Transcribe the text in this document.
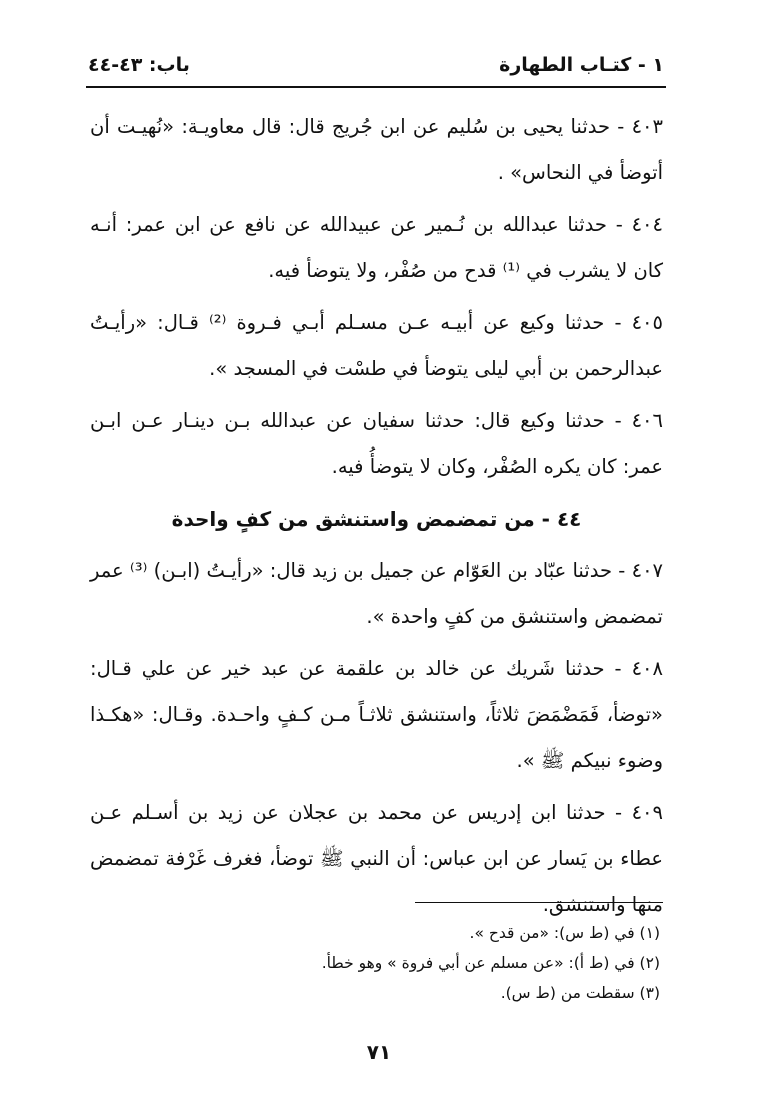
١ - كتـاب الطهارة
باب: ٤٣-٤٤

٤٠٣ - حدثنا يحيى بن سُليم عن ابن جُريج قال: قال معاويـة: «نُهيـت أن أتوضأ في النحاس» .

٤٠٤ - حدثنا عبدالله بن نُـمير عن عبيدالله عن نافع عن ابن عمر: أنـه كان لا يشرب في ⁽¹⁾ قدح من صُفْر، ولا يتوضأ فيه.

٤٠٥ - حدثنا وكيع عن أبيـه عـن مسـلم أبـي فـروة ⁽²⁾ قـال: «رأيـتُ عبدالرحمن بن أبي ليلى يتوضأ في طسْت في المسجد ».

٤٠٦ - حدثنا وكيع قال: حدثنا سفيان عن عبدالله بـن دينـار عـن ابـن عمر: كان يكره الصُفْر، وكان لا يتوضأُ فيه.

٤٤ - من تمضمض واستنشق من كفٍ واحدة

٤٠٧ - حدثنا عبّاد بن العَوّام عن جميل بن زيد قال: «رأيـتُ (ابـن) ⁽³⁾ عمر تمضمض واستنشق من كفٍ واحدة ».

٤٠٨ - حدثنا شَريك عن خالد بن علقمة عن عبد خير عن علي قـال: «توضأ، فَمَضْمَضَ ثلاثاً، واستنشق ثلاثـاً مـن كـفٍ واحـدة. وقـال: «هكـذا وضوء نبيكم ﷺ ».

٤٠٩ - حدثنا ابن إدريس عن محمد بن عجلان عن زيد بن أسـلم عـن عطاء بن يَسار عن ابن عباس: أن النبي ﷺ توضأ، فغرف غَرْفة تمضمض منها واستنشق.

(١) في (ط س): «من قدح ».
(٢) في (ط أ): «عن مسلم عن أبي فروة » وهو خطأ.
(٣) سقطت من (ط س).
٧١
